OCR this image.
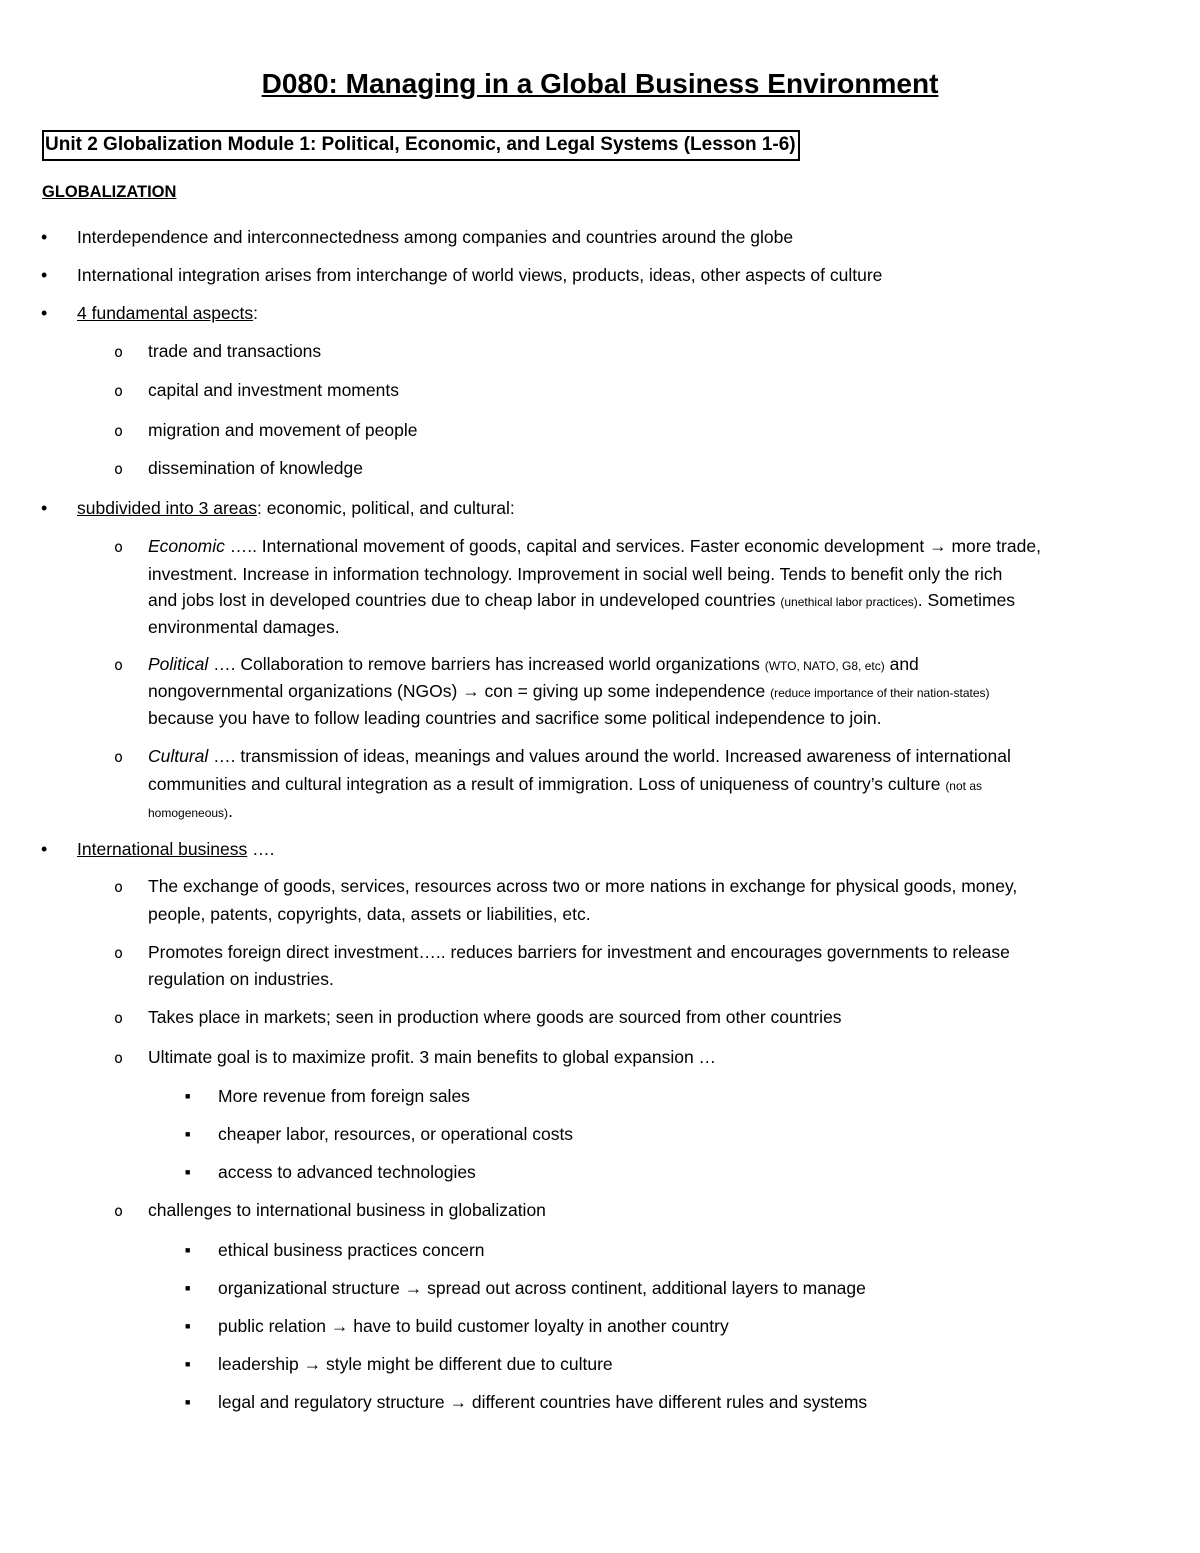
D080: Managing in a Global Business Environment
Unit 2 Globalization Module 1: Political, Economic, and Legal Systems (Lesson 1-6)
GLOBALIZATION
• Interdependence and interconnectedness among companies and countries around the globe
• International integration arises from interchange of world views, products, ideas, other aspects of culture
• 4 fundamental aspects:
o trade and transactions
o capital and investment moments
o migration and movement of people
o dissemination of knowledge
• subdivided into 3 areas: economic, political, and cultural:
o Economic ….. International movement of goods, capital and services. Faster economic development → more trade,
investment. Increase in information technology. Improvement in social well being. Tends to benefit only the rich
and jobs lost in developed countries due to cheap labor in undeveloped countries (unethical labor practices). Sometimes
environmental damages.
o Political …. Collaboration to remove barriers has increased world organizations (WTO, NATO, G8, etc) and
nongovernmental organizations (NGOs) → con = giving up some independence (reduce importance of their nation-states)
because you have to follow leading countries and sacrifice some political independence to join.
o Cultural …. transmission of ideas, meanings and values around the world. Increased awareness of international
communities and cultural integration as a result of immigration. Loss of uniqueness of country’s culture (not as
homogeneous).
• International business ….
o The exchange of goods, services, resources across two or more nations in exchange for physical goods, money,
people, patents, copyrights, data, assets or liabilities, etc.
o Promotes foreign direct investment….. reduces barriers for investment and encourages governments to release
regulation on industries.
o Takes place in markets; seen in production where goods are sourced from other countries
o Ultimate goal is to maximize profit. 3 main benefits to global expansion …
■ More revenue from foreign sales
■ cheaper labor, resources, or operational costs
■ access to advanced technologies
o challenges to international business in globalization
■ ethical business practices concern
■ organizational structure → spread out across continent, additional layers to manage
■ public relation → have to build customer loyalty in another country
■ leadership → style might be different due to culture
■ legal and regulatory structure → different countries have different rules and systems
